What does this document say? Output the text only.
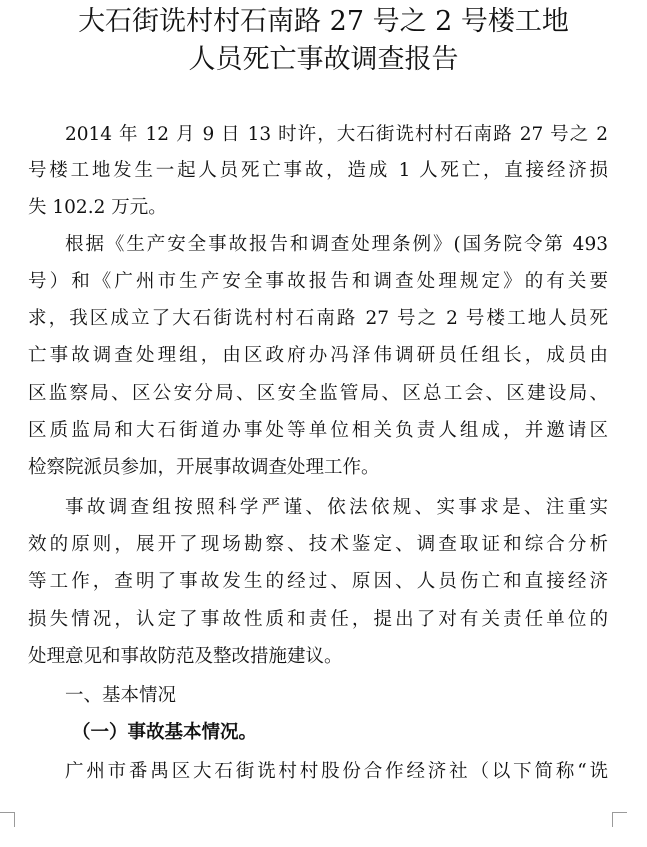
大石街诜村村石南路 27 号之 2 号楼工地
人员死亡事故调查报告
2014 年 12 月 9 日 13 时许，大石街诜村村石南路 27 号之 2
号楼工地发生一起人员死亡事故，造成 1 人死亡，直接经济损
失 102.2 万元。
根据《生产安全事故报告和调查处理条例》(国务院令第 493
号）和《广州市生产安全事故报告和调查处理规定》的有关要
求，我区成立了大石街诜村村石南路 27 号之 2 号楼工地人员死
亡事故调查处理组，由区政府办冯泽伟调研员任组长，成员由
区监察局、区公安分局、区安全监管局、区总工会、区建设局、
区质监局和大石街道办事处等单位相关负责人组成，并邀请区
检察院派员参加，开展事故调查处理工作。
事故调查组按照科学严谨、依法依规、实事求是、注重实
效的原则，展开了现场勘察、技术鉴定、调查取证和综合分析
等工作，查明了事故发生的经过、原因、人员伤亡和直接经济
损失情况，认定了事故性质和责任，提出了对有关责任单位的
处理意见和事故防范及整改措施建议。
一、基本情况
（一）事故基本情况。
广州市番禺区大石街诜村村股份合作经济社（以下简称“诜
